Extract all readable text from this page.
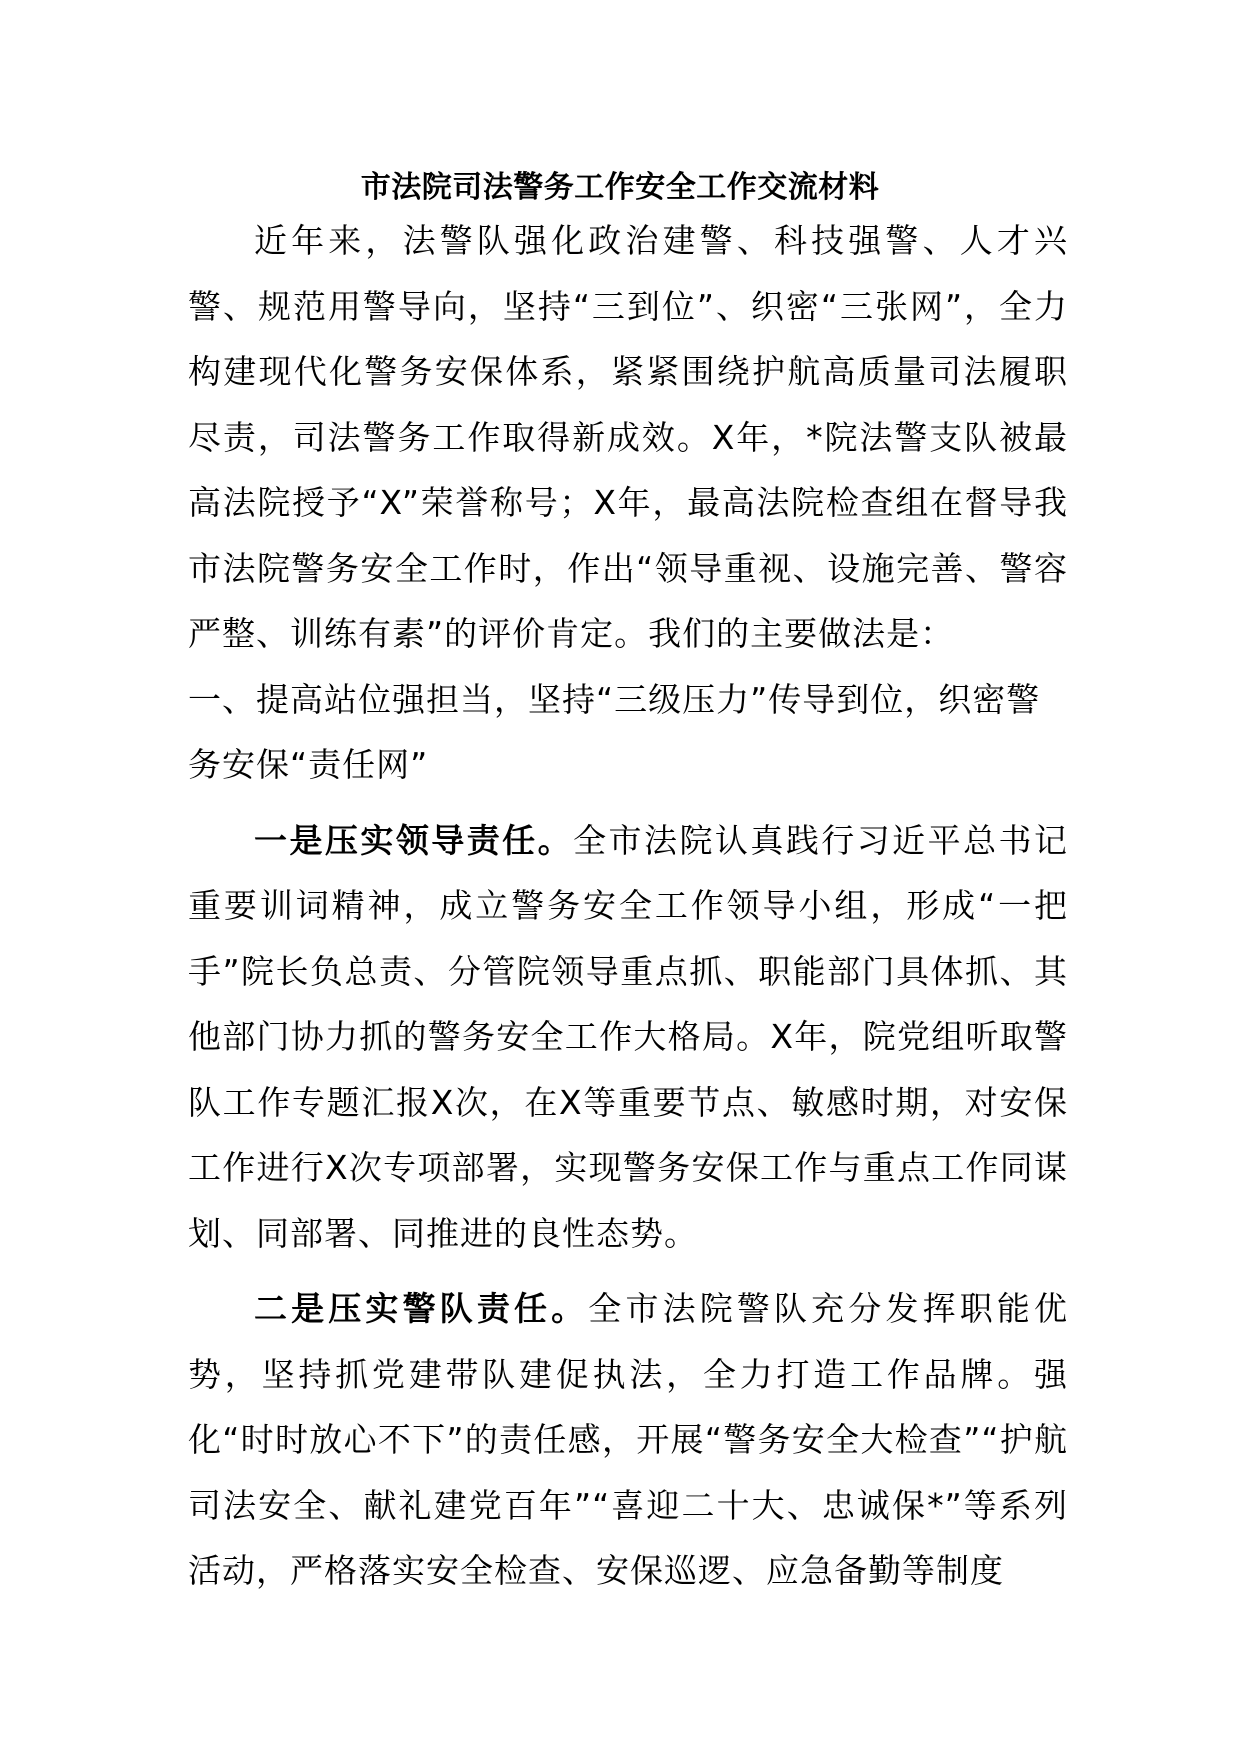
市法院司法警务工作安全工作交流材料

近年来，法警队强化政治建警、科技强警、人才兴警、规范用警导向，坚持“三到位”、织密“三张网”，全力构建现代化警务安保体系，紧紧围绕护航高质量司法履职尽责，司法警务工作取得新成效。X年，*院法警支队被最高法院授予“X”荣誉称号；X年，最高法院检查组在督导我市法院警务安全工作时，作出“领导重视、设施完善、警容严整、训练有素”的评价肯定。我们的主要做法是：

一、提高站位强担当，坚持“三级压力”传导到位，织密警务安保“责任网”

一是压实领导责任。全市法院认真践行习近平总书记重要训词精神，成立警务安全工作领导小组，形成“一把手”院长负总责、分管院领导重点抓、职能部门具体抓、其他部门协力抓的警务安全工作大格局。X年，院党组听取警队工作专题汇报X次，在X等重要节点、敏感时期，对安保工作进行X次专项部署，实现警务安保工作与重点工作同谋划、同部署、同推进的良性态势。

二是压实警队责任。全市法院警队充分发挥职能优势，坚持抓党建带队建促执法，全力打造工作品牌。强化“时时放心不下”的责任感，开展“警务安全大检查”“护航司法安全、献礼建党百年”“喜迎二十大、忠诚保*”等系列活动，严格落实安全检查、安保巡逻、应急备勤等制度
